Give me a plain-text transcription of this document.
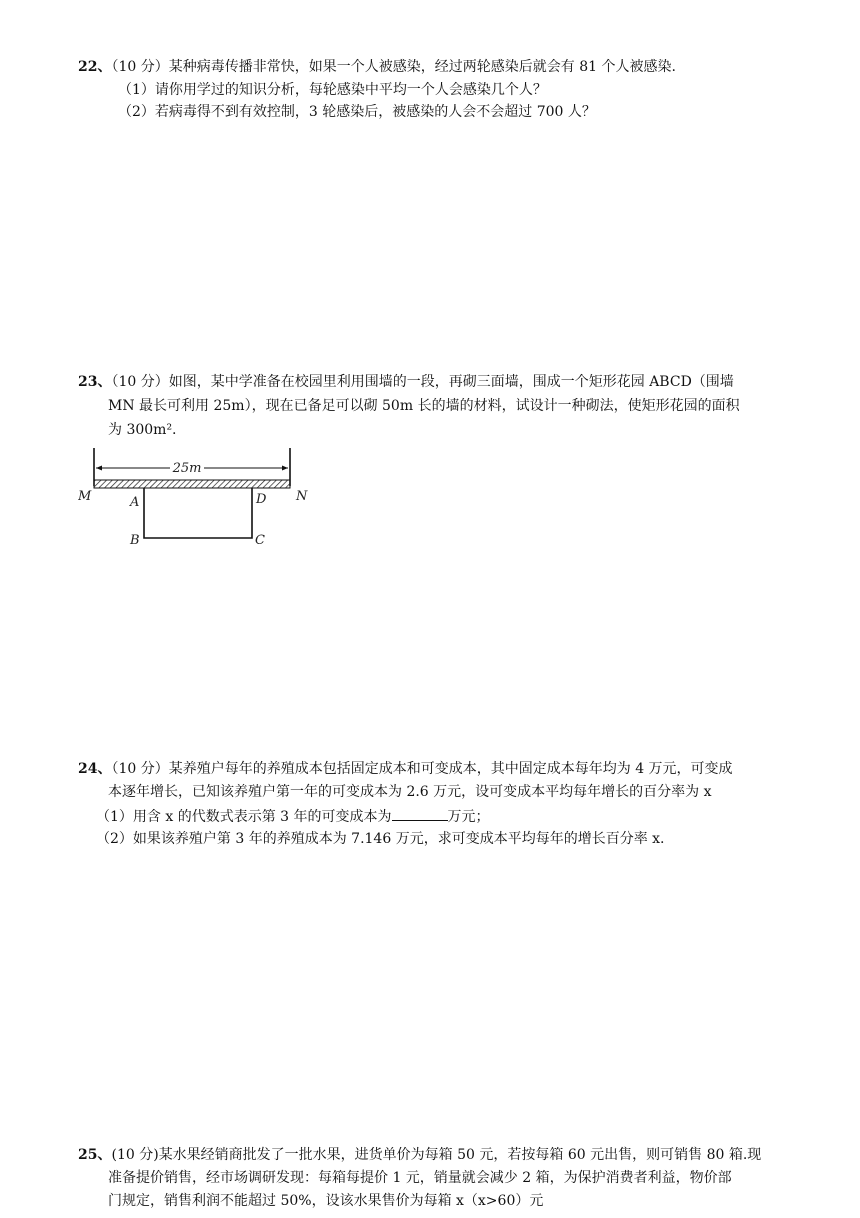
22、（10 分）某种病毒传播非常快，如果一个人被感染，经过两轮感染后就会有 81 个人被感染.
（1）请你用学过的知识分析，每轮感染中平均一个人会感染几个人？
（2）若病毒得不到有效控制，3 轮感染后，被感染的人会不会超过 700 人？
23、（10 分）如图，某中学准备在校园里利用围墙的一段，再砌三面墙，围成一个矩形花园 ABCD（围墙
MN 最长可利用 25m），现在已备足可以砌 50m 长的墙的材料，试设计一种砌法，使矩形花园的面积
为 300m².
25m
M	N
A	D
B	C
24、（10 分）某养殖户每年的养殖成本包括固定成本和可变成本，其中固定成本每年均为 4 万元，可变成
本逐年增长，已知该养殖户第一年的可变成本为 2.6 万元，设可变成本平均每年增长的百分率为 x
（1）用含 x 的代数式表示第 3 年的可变成本为	万元；
（2）如果该养殖户第 3 年的养殖成本为 7.146 万元，求可变成本平均每年的增长百分率 x.
25、(10 分)某水果经销商批发了一批水果，进货单价为每箱 50 元，若按每箱 60 元出售，则可销售 80 箱.现
准备提价销售，经市场调研发现：每箱每提价 1 元，销量就会减少 2 箱，为保护消费者利益，物价部
门规定，销售利润不能超过 50%，设该水果售价为每箱 x（x>60）元
